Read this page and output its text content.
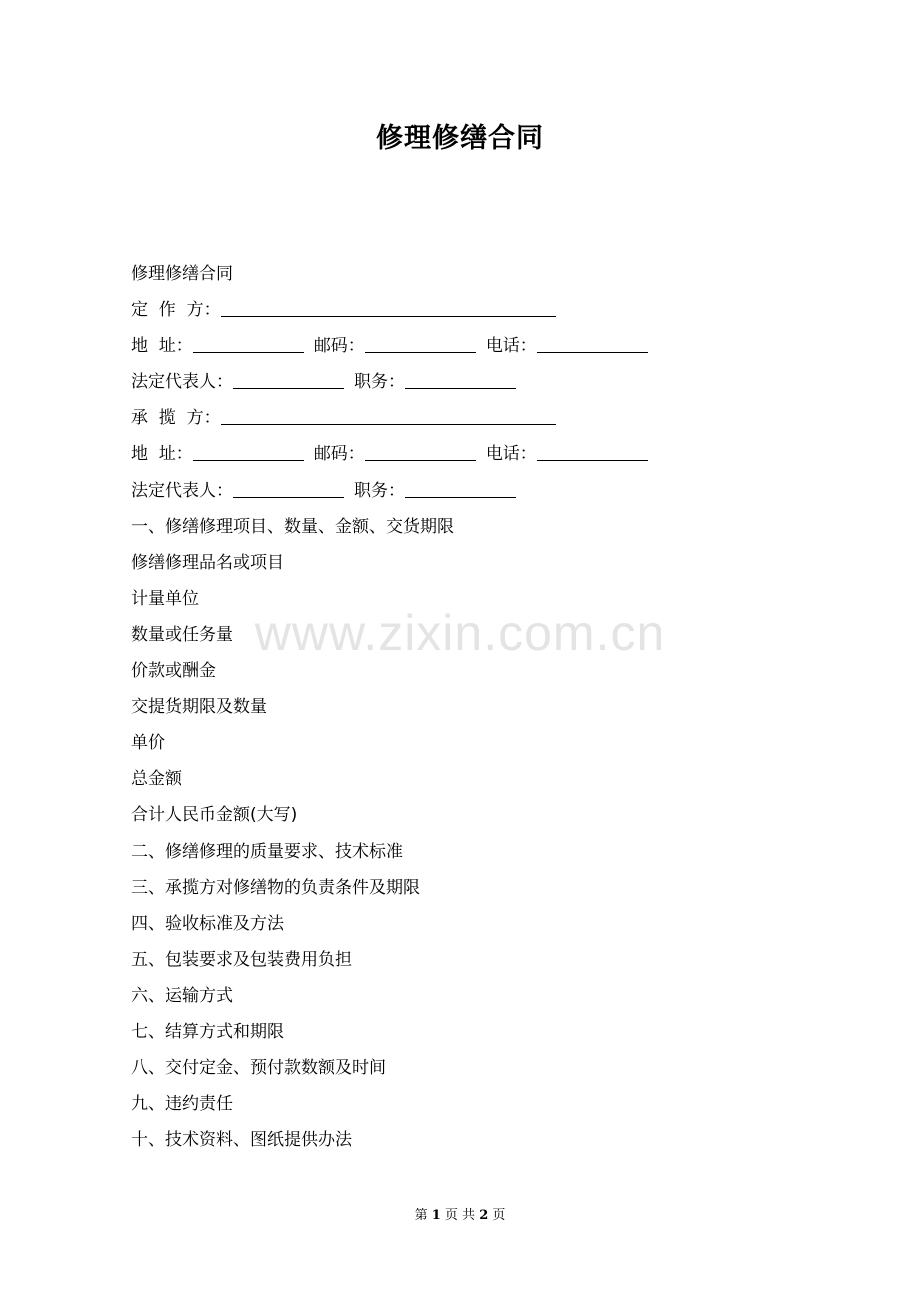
修理修缮合同
www.zixin.com.cn
修理修缮合同
定  作  方：
地  址：	邮码：	电话：
法定代表人：	职务：
承  揽  方：
地  址：	邮码：	电话：
法定代表人：	职务：
一、修缮修理项目、数量、金额、交货期限
修缮修理品名或项目
计量单位
数量或任务量
价款或酬金
交提货期限及数量
单价
总金额
合计人民币金额(大写)
二、修缮修理的质量要求、技术标准
三、承揽方对修缮物的负责条件及期限
四、验收标准及方法
五、包装要求及包装费用负担
六、运输方式
七、结算方式和期限
八、交付定金、预付款数额及时间
九、违约责任
十、技术资料、图纸提供办法
第 1 页 共 2 页
